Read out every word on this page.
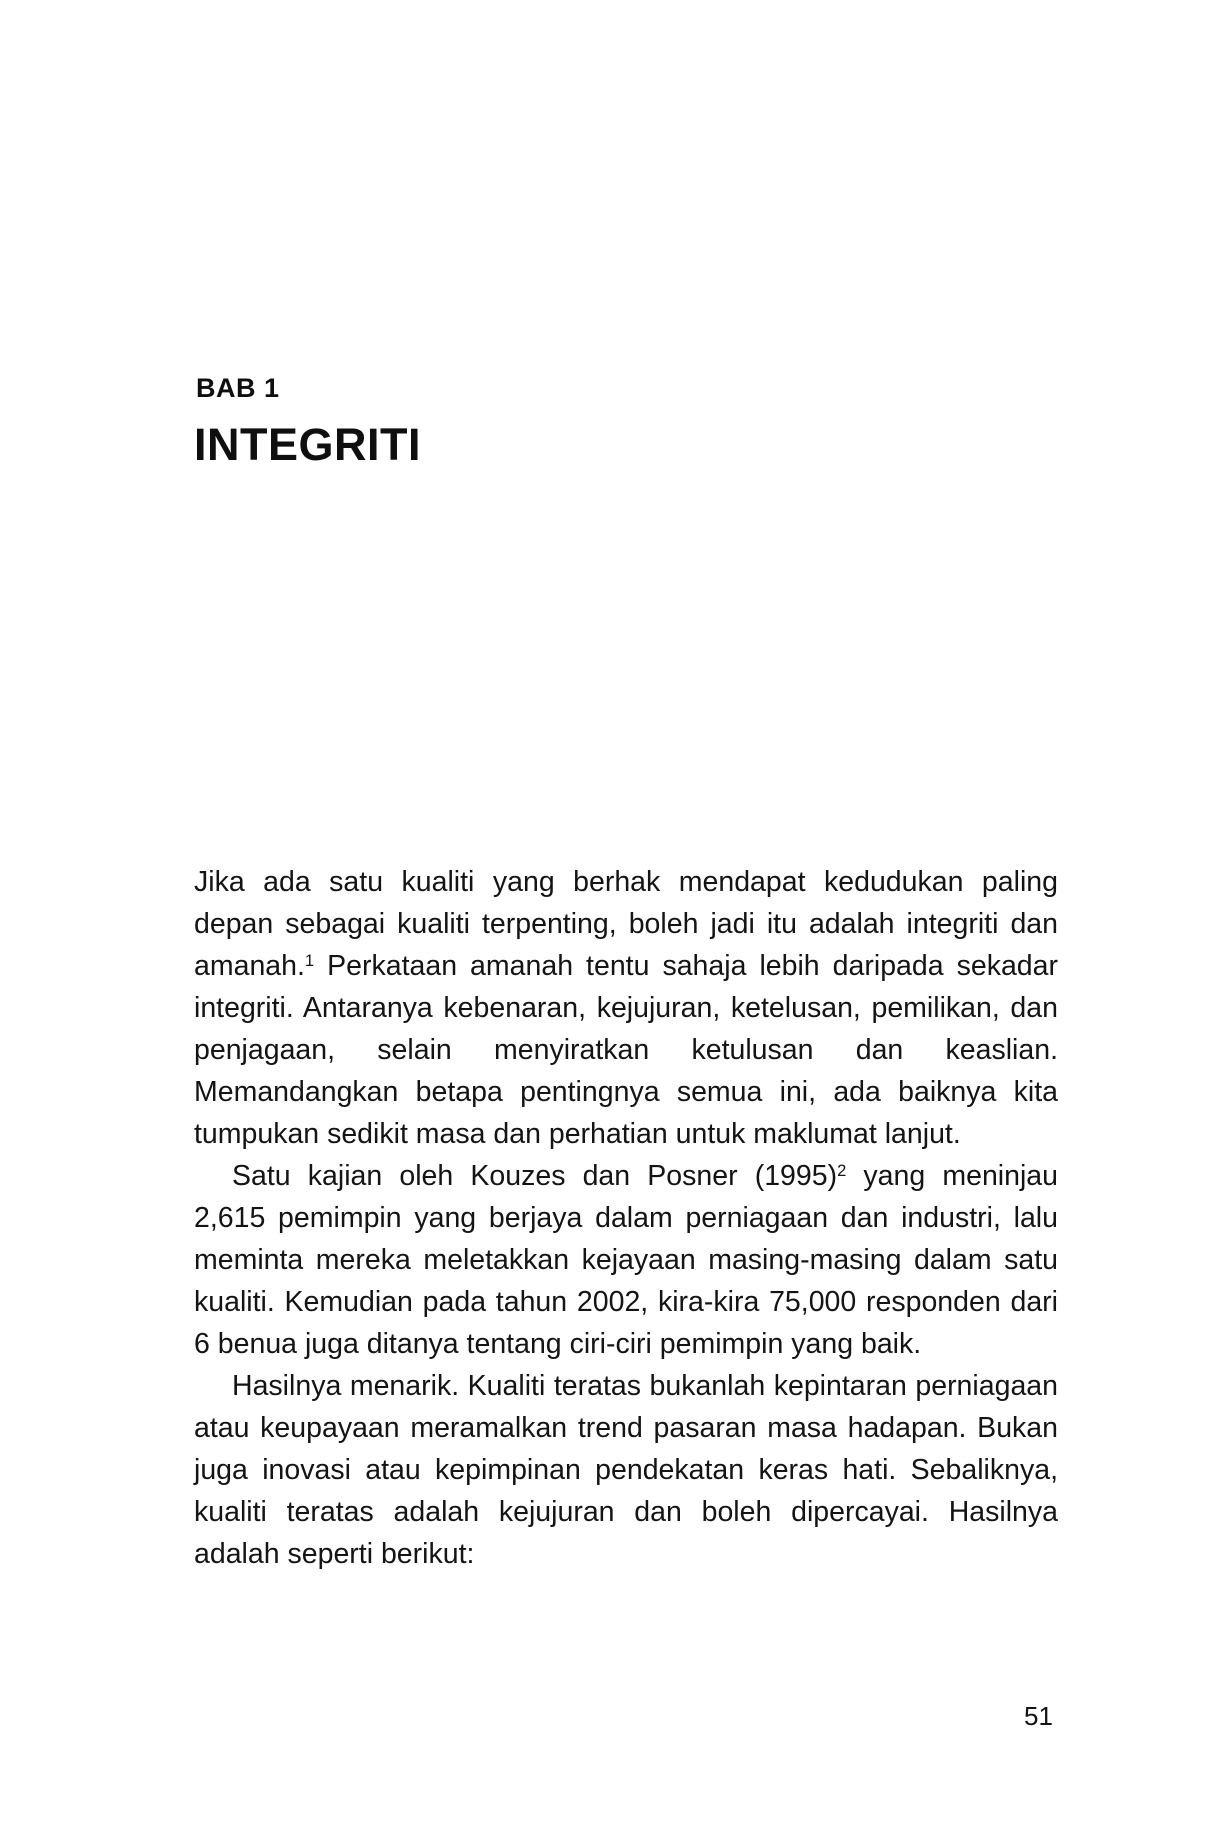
BAB 1
INTEGRITI

Jika ada satu kualiti yang berhak mendapat kedudukan paling depan sebagai kualiti terpenting, boleh jadi itu adalah integriti dan amanah.$^1$ Perkataan amanah tentu sahaja lebih daripada sekadar integriti. Antaranya kebenaran, kejujuran, ketelusan, pemilikan, dan penjagaan, selain menyiratkan ketulusan dan keaslian. Memandangkan betapa pentingnya semua ini, ada baiknya kita tumpukan sedikit masa dan perhatian untuk maklumat lanjut.

Satu kajian oleh Kouzes dan Posner (1995)$^2$ yang meninjau 2,615 pemimpin yang berjaya dalam perniagaan dan industri, lalu meminta mereka meletakkan kejayaan masing-masing dalam satu kualiti. Kemudian pada tahun 2002, kira-kira 75,000 responden dari 6 benua juga ditanya tentang ciri-ciri pemimpin yang baik.

Hasilnya menarik. Kualiti teratas bukanlah kepintaran perniagaan atau keupayaan meramalkan trend pasaran masa hadapan. Bukan juga inovasi atau kepimpinan pendekatan keras hati. Sebaliknya, kualiti teratas adalah kejujuran dan boleh dipercayai. Hasilnya adalah seperti berikut:

51
